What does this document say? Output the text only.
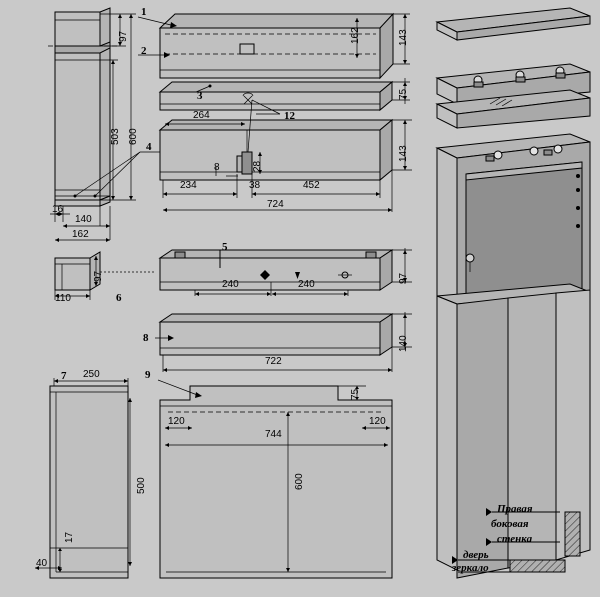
1
2
3
4
5
6
7
8
9
12
143
162
75
143
264
234
8	28
38	452
724
97
503 600
16
140
162
97
110
240	240
97
140
722
250
120	120
75
744
600
500
17
40
Правая
боковая
стенка
дверь
зеркало
